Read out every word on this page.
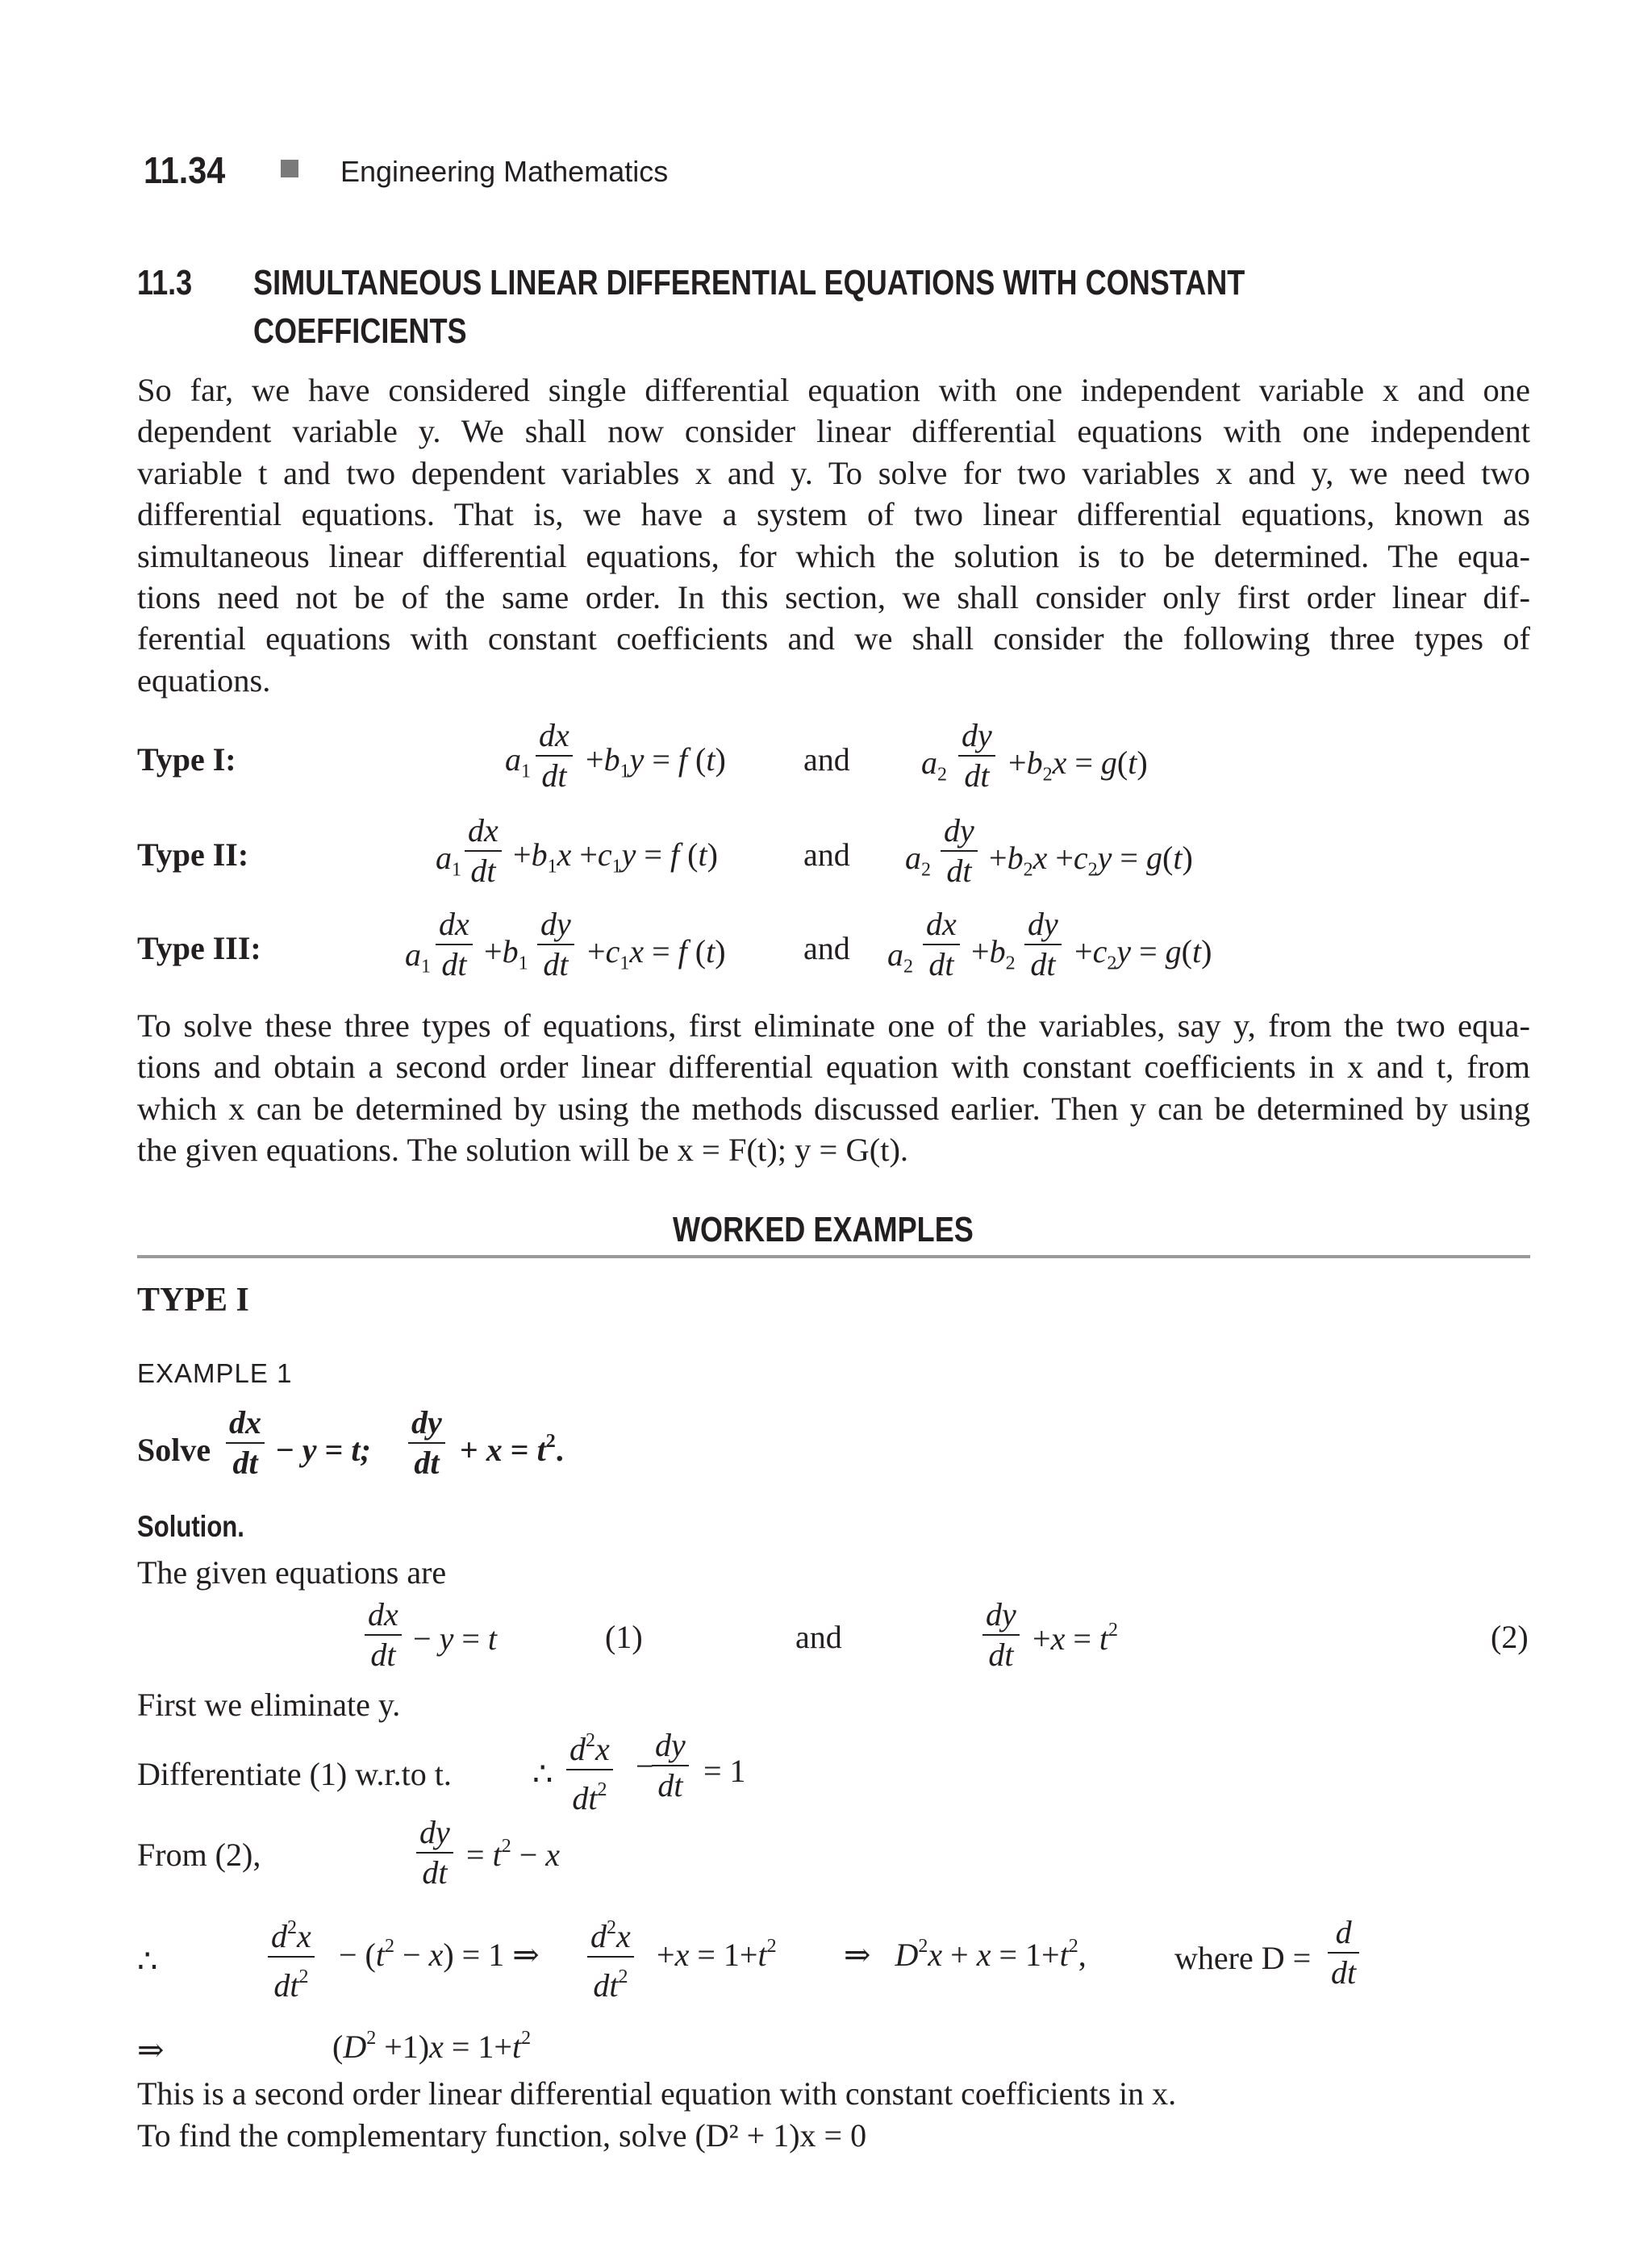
11.34	Engineering Mathematics
11.3 SIMULTANEOUS LINEAR DIFFERENTIAL EQUATIONS WITH CONSTANT
COEFFICIENTS

So far, we have considered single differential equation with one independent variable x and one
dependent variable y. We shall now consider linear differential equations with one independent
variable t and two dependent variables x and y. To solve for two variables x and y, we need two
differential equations. That is, we have a system of two linear differential equations, known as
simultaneous linear differential equations, for which the solution is to be determined. The equa-
tions need not be of the same order. In this section, we shall consider only first order linear dif-
ferential equations with constant coefficients and we shall consider the following three types of
equations.

Type I:	$a_1$
dx
dt $+b_1y = f$ (t) and $a_2$
dy
dt $+b_2x = g(t)$
Type II:	$a_1$
dx
dt $+b_1x +c_1y = f$ (t)	and $a_2$
dy
dt $+b_2x +c_2y = g(t)$
Type III:	$a_1$
dx
dt $+b_1$
dy
dt $+c_1x = f$ (t) and $a_2$
dx
dt $+b_2$
dy
dt $+c_2y = g(t)$

To solve these three types of equations, first eliminate one of the variables, say y, from the two equa-
tions and obtain a second order linear differential equation with constant coefficients in x and t, from
which x can be determined by using the methods discussed earlier. Then y can be determined by using
the given equations. The solution will be x = F(t); y = G(t).

WORKED EXAMPLES
TYPE I
EXAMPLE 1
Solve
dx
dt − y = t;
dy
dt + $x = t^2$.
Solution.
The given equations are
dx
dt − y = t	(1)	and
dy
dt $+x = t^2$	(2)
First we eliminate y.
Differentiate (1) w.r.to t.	∴
$d^2x$
$dt^2$
−
dy
dt = 1
From (2),
dy
dt = $t^2 - x$
∴
$d^2x$
$dt^2$
− $(t^2 - x) = 1$ ⇒
$d^2x$
$dt^2$
$+x = 1+t^2$ ⇒   $D^2x + x = 1+t^2$,	where D =
d
dt
⇒	$(D^2 +1)x = 1+t^2$
This is a second order linear differential equation with constant coefficients in x.
To find the complementary function, solve (D² + 1)x = 0
